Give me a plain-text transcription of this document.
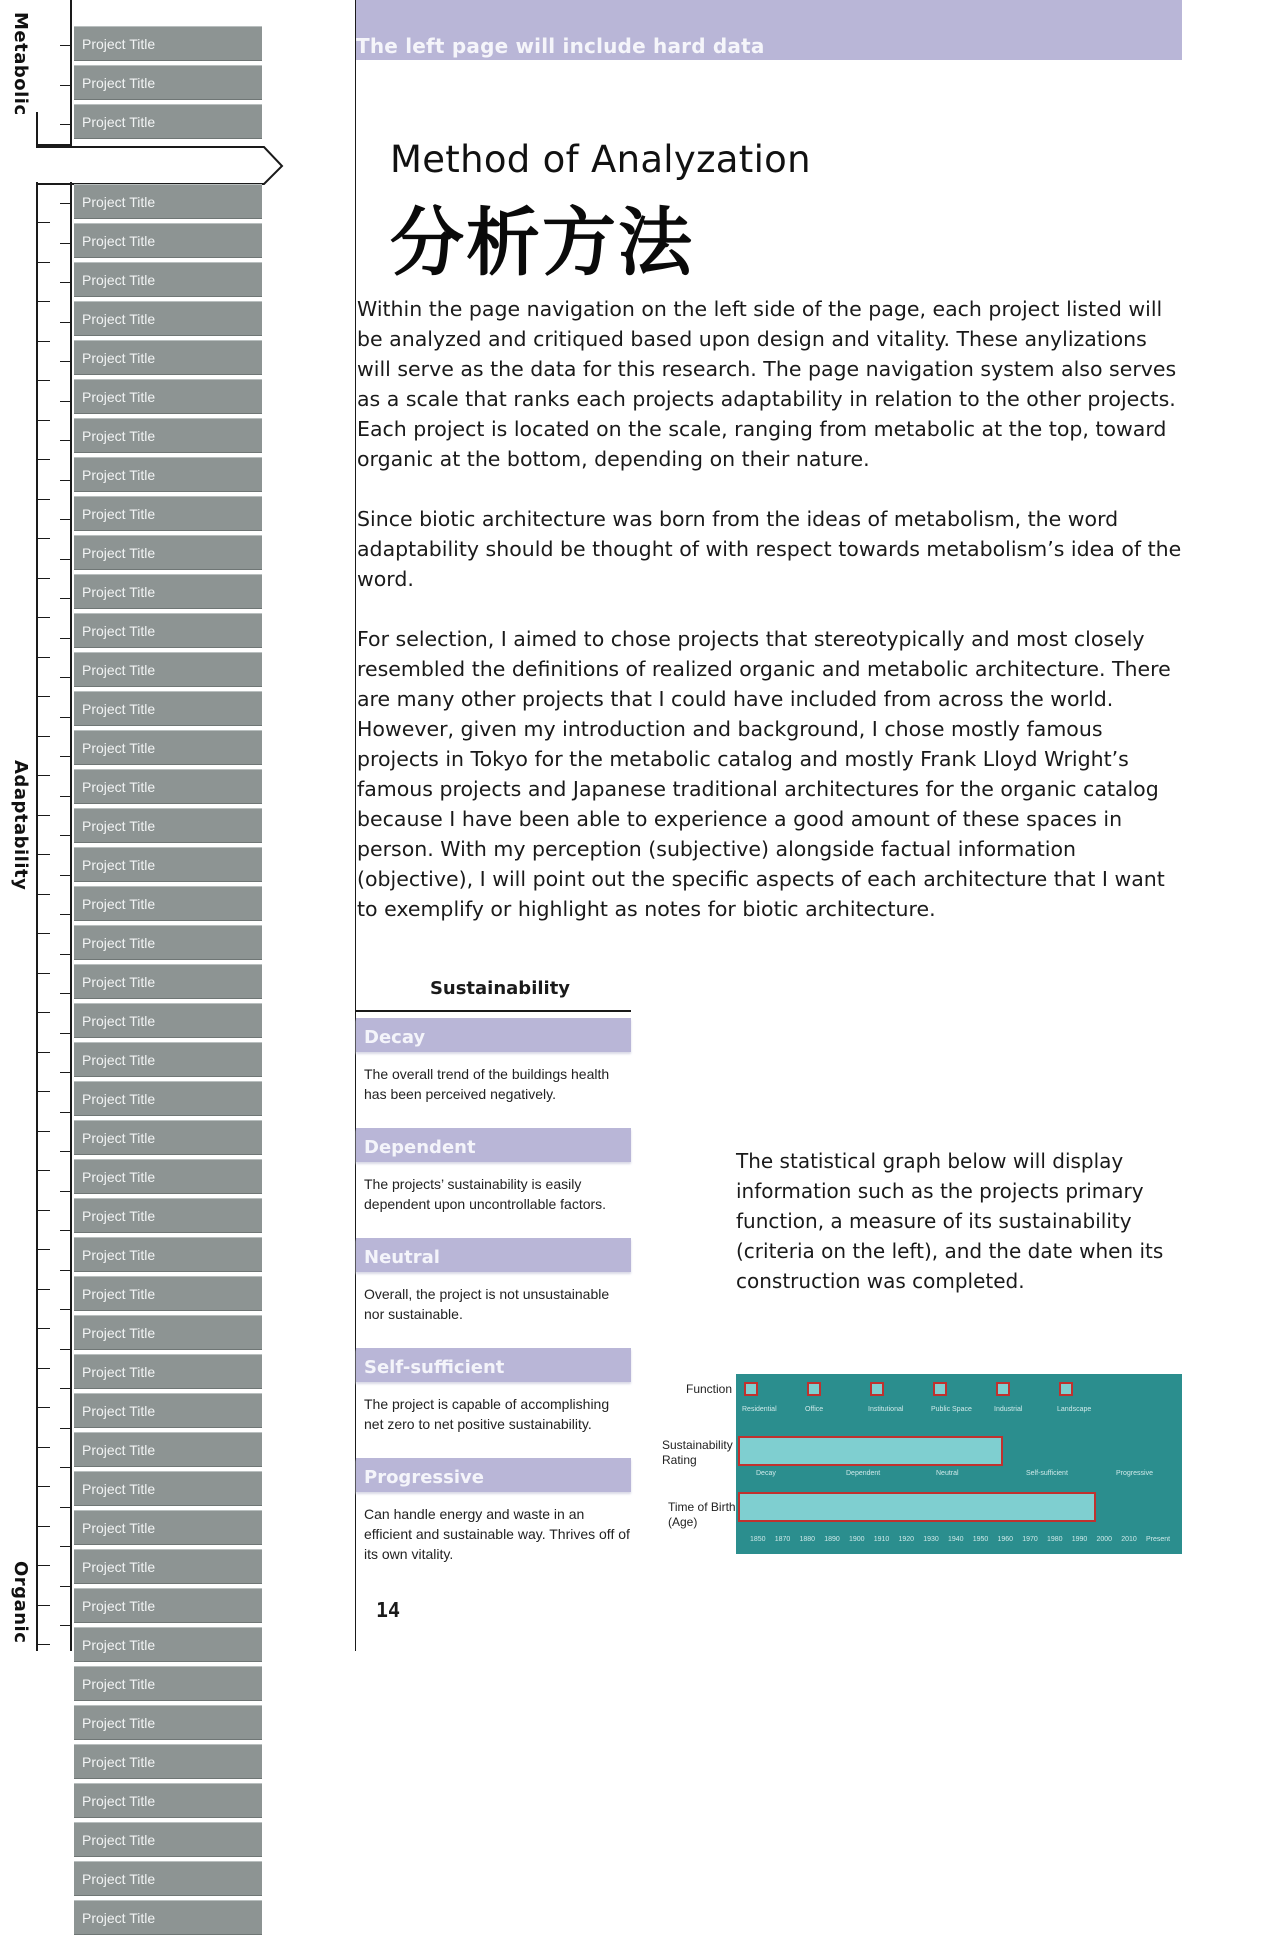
Metabolic
Adaptability
Organic
Project Title
Project Title
Project Title
Project Title
Project Title
Project Title
Project Title
Project Title
Project Title
Project Title
Project Title
Project Title
Project Title
Project Title
Project Title
Project Title
Project Title
Project Title
Project Title
Project Title
Project Title
Project Title
Project Title
Project Title
Project Title
Project Title
Project Title
Project Title
Project Title
Project Title
Project Title
Project Title
Project Title
Project Title
Project Title
Project Title
Project Title
Project Title
Project Title
Project Title
Project Title
Project Title
Project Title
Project Title
Project Title
Project Title
Project Title
Project Title
The left page will include hard data
Method of Analyzation
分析方法

Within the page navigation on the left side of the page, each project listed will be analyzed and critiqued based upon design and vitality. These anylizations will serve as the data for this research. The page navigation system also serves as a scale that ranks each projects adaptability in relation to the other projects. Each project is located on the scale, ranging from metabolic at the top, toward organic at the bottom, depending on their nature.

Since biotic architecture was born from the ideas of metabolism, the word adaptability should be thought of with respect towards metabolism’s idea of the word.

For selection, I aimed to chose projects that stereotypically and most closely resembled the definitions of realized organic and metabolic architecture. There are many other projects that I could have included from across the world. However, given my introduction and background, I chose mostly famous projects in Tokyo for the metabolic catalog and mostly Frank Lloyd Wright’s famous projects and Japanese traditional architectures for the organic catalog because I have been able to experience a good amount of these spaces in person. With my perception (subjective) alongside factual information (objective), I will point out the specific aspects of each architecture that I want to exemplify or highlight as notes for biotic architecture.

Sustainability
Decay
The overall trend of the buildings health has been perceived negatively.
Dependent
The projects’ sustainability is easily dependent upon uncontrollable factors.
Neutral
Overall, the project is not unsustainable nor sustainable.
Self-sufficient
The project is capable of accomplishing net zero to net positive sustainability.
Progressive
Can handle energy and waste in an efficient and sustainable way. Thrives off of its own vitality.
The statistical graph below will display information such as the projects primary function, a measure of its sustainability (criteria on the left), and the date when its construction was completed.
Function
Sustainability Rating
Time of Birth (Age)
Residential	Office	Institutional	Public Space	Industrial	Landscape
Decay	Dependent	Neutral	Self-sufficient	Progressive
1850 1870 1880 1890 1900 1910 1920 1930 1940 1950 1960 1970 1980 1990 2000 2010 Present
14
